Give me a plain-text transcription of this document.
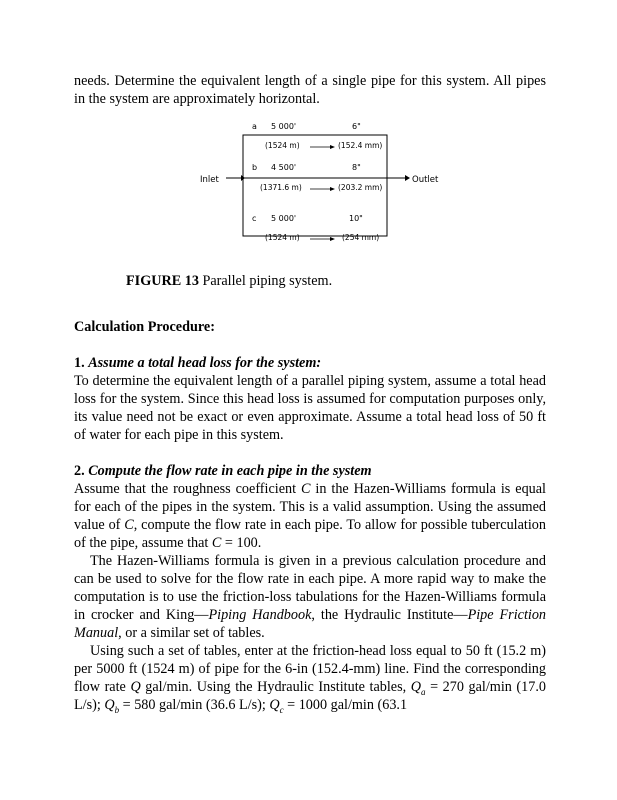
needs. Determine the equivalent length of a single pipe for this system. All pipes in the system are approximately horizontal.

Inlet	Outlet
a 5 000'	6"
(1524 m)	(152.4 mm)
b 4 500'	8"
(1371.6 m)	(203.2 mm)
c 5 000'	10"
(1524 m)	(254 mm)

FIGURE 13 Parallel piping system.

Calculation Procedure:

1. Assume a total head loss for the system:

To determine the equivalent length of a parallel piping system, assume a total head loss for the system. Since this head loss is assumed for computation purposes only, its value need not be exact or even approximate. Assume a total head loss of 50 ft of water for each pipe in this system.

2. Compute the flow rate in each pipe in the system

Assume that the roughness coefficient C in the Hazen-Williams formula is equal for each of the pipes in the system. This is a valid assumption. Using the assumed value of C, compute the flow rate in each pipe. To allow for possible tuberculation of the pipe, assume that C = 100.

The Hazen-Williams formula is given in a previous calculation procedure and can be used to solve for the flow rate in each pipe. A more rapid way to make the computation is to use the friction-loss tabulations for the Hazen-Williams formula in crocker and King—Piping Handbook, the Hydraulic Institute—Pipe Friction Manual, or a similar set of tables.

Using such a set of tables, enter at the friction-head loss equal to 50 ft (15.2 m) per 5000 ft (1524 m) of pipe for the 6-in (152.4-mm) line. Find the corresponding flow rate Q gal/min. Using the Hydraulic Institute tables, $Q_a = 270$ gal/min (17.0 L/s); $Q_b = 580$ gal/min (36.6 L/s); $Q_c = 1000$ gal/min (63.1
